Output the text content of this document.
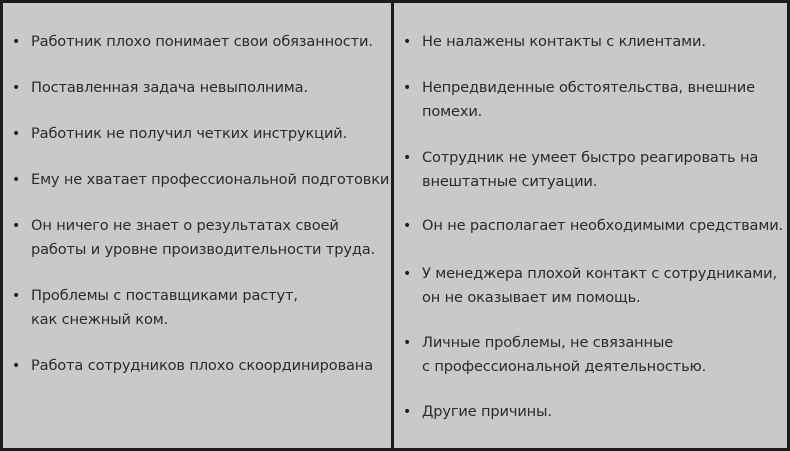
• Работник плохо понимает свои обязанности.
• Поставленная задача невыполнима.
• Работник не получил четких инструкций.
• Ему не хватает профессиональной подготовки.
• Он ничего не знает о результатах своей
работы и уровне производительности труда.
• Проблемы с поставщиками растут,
как снежный ком.
• Работа сотрудников плохо скоординирована
• Не налажены контакты с клиентами.
• Непредвиденные обстоятельства, внешние
помехи.
• Сотрудник не умеет быстро реагировать на
внештатные ситуации.
• Он не располагает необходимыми средствами.
• У менеджера плохой контакт с сотрудниками,
он не оказывает им помощь.
• Личные проблемы, не связанные
с профессиональной деятельностью.
• Другие причины.
